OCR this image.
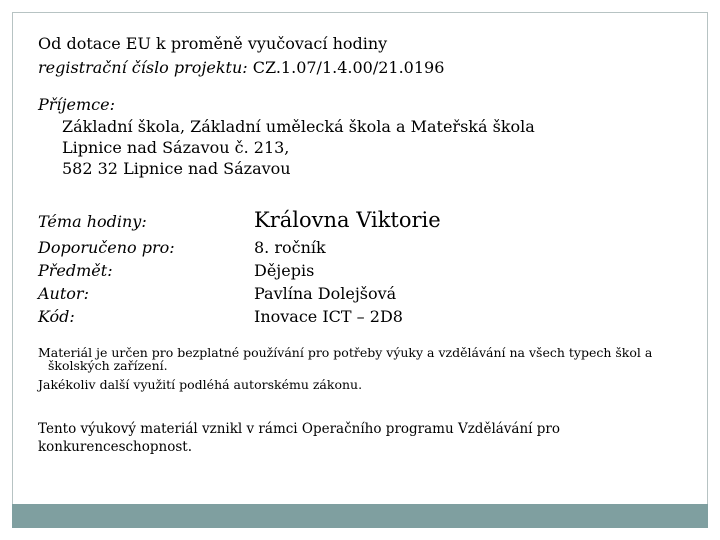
Od dotace EU k proměně vyučovací hodiny
registrační číslo projektu: CZ.1.07/1.4.00/21.0196
Příjemce:
Základní škola, Základní umělecká škola a Mateřská škola
Lipnice nad Sázavou č. 213,
582 32 Lipnice nad Sázavou
Téma hodiny:	Královna Viktorie
Doporučeno pro:	8. ročník
Předmět:	Dějepis
Autor:	Pavlína Dolejšová
Kód:	Inovace ICT – 2D8
Materiál je určen pro bezplatné používání pro potřeby výuky a vzdělávání na všech typech škol a
školských zařízení.
Jakékoliv další využití podléhá autorskému zákonu.
Tento výukový materiál vznikl v rámci Operačního programu Vzdělávání pro
konkurenceschopnost.
